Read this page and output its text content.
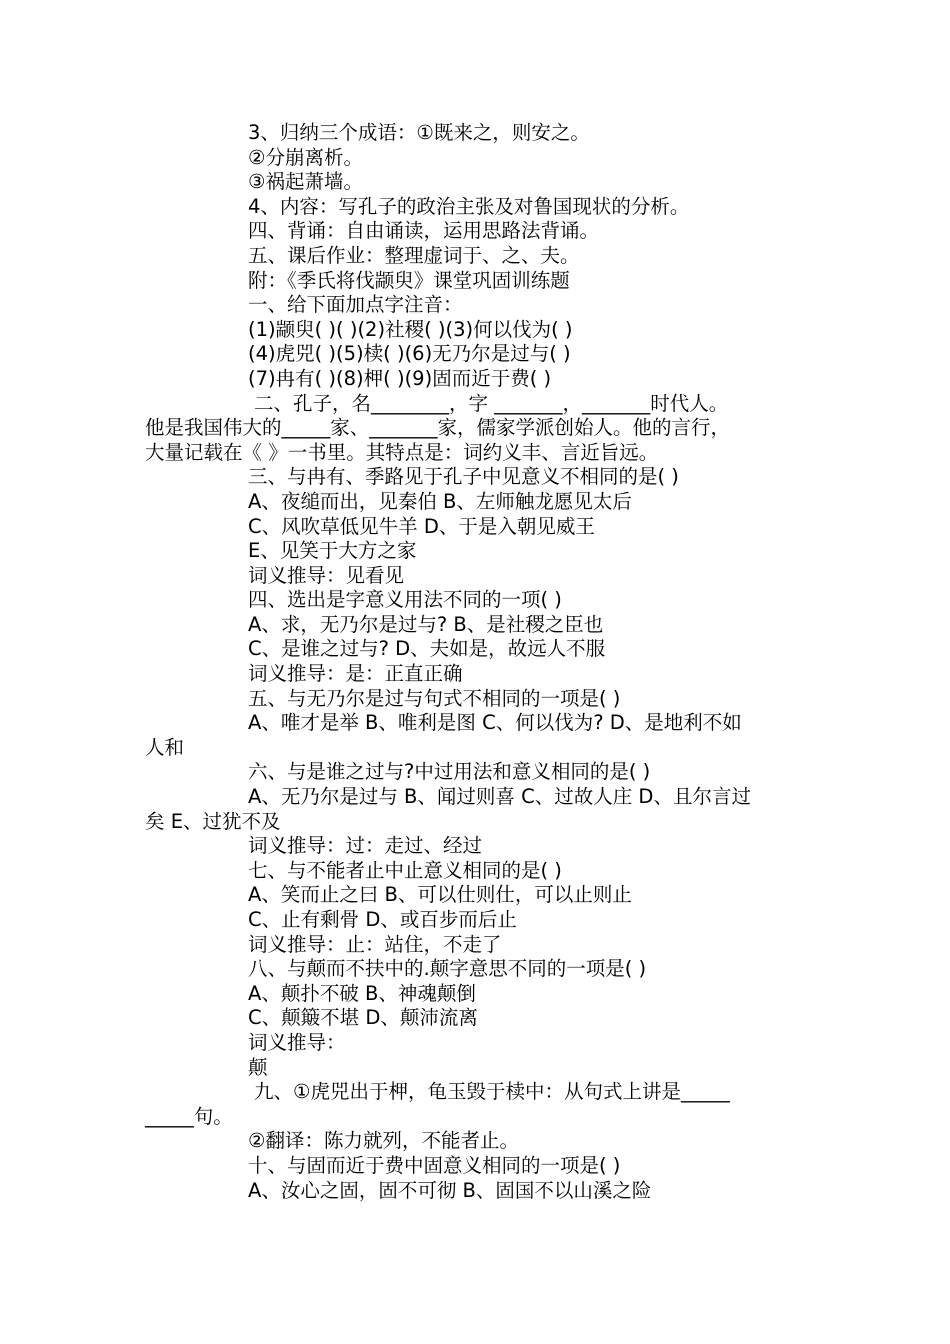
3、归纳三个成语：①既来之，则安之。
②分崩离析。
③祸起萧墙。
4、内容：写孔子的政治主张及对鲁国现状的分析。
四、背诵：自由诵读，运用思路法背诵。
五、课后作业：整理虚词于、之、夫。
附：《季氏将伐颛臾》课堂巩固训练题
一、给下面加点字注音：
(1)颛臾( )( )(2)社稷( )(3)何以伐为( )
(4)虎兕( )(5)椟( )(6)无乃尔是过与( )
(7)冉有( )(8)柙( )(9)固而近于费( )
二、孔子，名________，字 _______，_______时代人。
他是我国伟大的_____家、_______家，儒家学派创始人。他的言行，
大量记载在《 》一书里。其特点是：词约义丰、言近旨远。
三、与冉有、季路见于孔子中见意义不相同的是( )
A、夜缒而出，见秦伯 B、左师触龙愿见太后
C、风吹草低见牛羊 D、于是入朝见威王
E、见笑于大方之家
词义推导：见看见
四、选出是字意义用法不同的一项( )
A、求，无乃尔是过与? B、是社稷之臣也
C、是谁之过与? D、夫如是，故远人不服
词义推导：是：正直正确
五、与无乃尔是过与句式不相同的一项是( )
A、唯才是举 B、唯利是图 C、何以伐为? D、是地利不如
人和
六、与是谁之过与?中过用法和意义相同的是( )
A、无乃尔是过与 B、闻过则喜 C、过故人庄 D、且尔言过
矣 E、过犹不及
词义推导：过：走过、经过
七、与不能者止中止意义相同的是( )
A、笑而止之曰 B、可以仕则仕，可以止则止
C、止有剩骨 D、或百步而后止
词义推导：止：站住，不走了
八、与颠而不扶中的.颠字意思不同的一项是( )
A、颠扑不破 B、神魂颠倒
C、颠簸不堪 D、颠沛流离
词义推导：
颠
九、①虎兕出于柙，龟玉毁于椟中：从句式上讲是_____
_____句。
②翻译：陈力就列，不能者止。
十、与固而近于费中固意义相同的一项是( )
A、汝心之固，固不可彻 B、固国不以山溪之险
